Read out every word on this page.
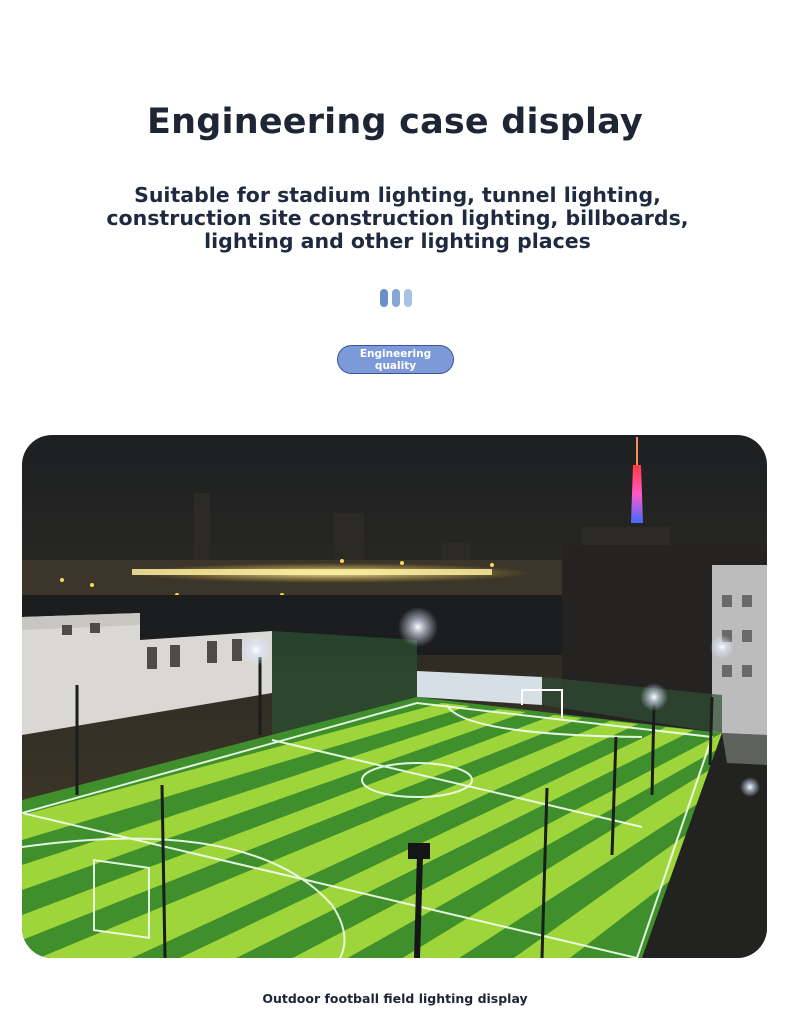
Engineering case display
Suitable for stadium lighting, tunnel lighting, construction site construction lighting, billboards, lighting and other lighting places
Engineering quality
Outdoor football field lighting display
